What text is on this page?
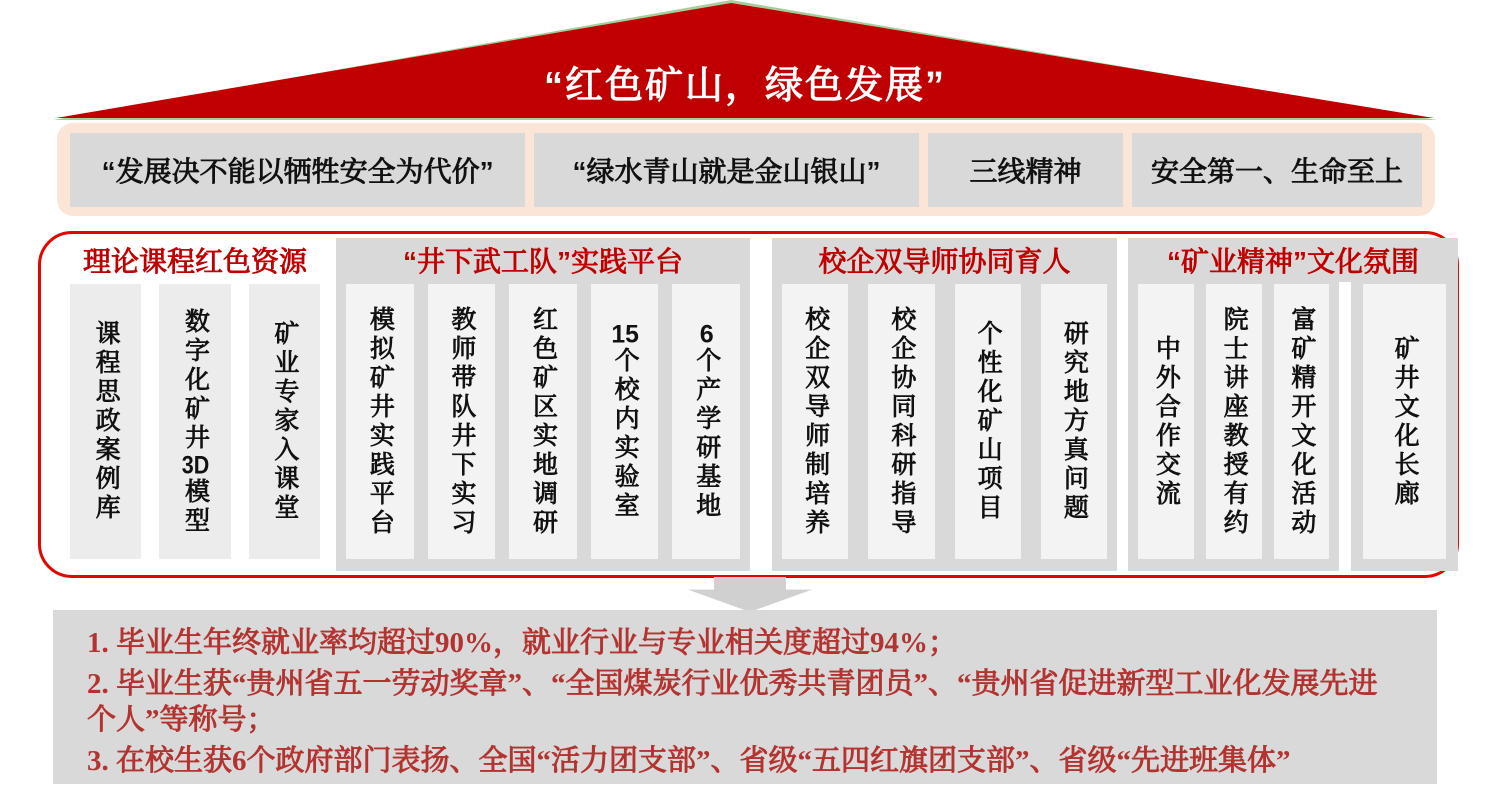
“红色矿山，绿色发展”
“发展决不能以牺牲安全为代价”	“绿水青山就是金山银山”	三线精神	安全第一、生命至上
理论课程红色资源
课程思政案例库 数字化矿井3D模型 矿业专家入课堂
“井下武工队”实践平台
模拟矿井实践平台 教师带队井下实习 红色矿区实地调研 15个校内实验室
6个产学研基地
校企双导师协同育人
校企双导师制培养 校企协同科研指导 个性化矿山项目 研究地方真问题
“矿业精神”文化氛围
中外合作交流 院士讲座教授有约 富矿精开文化活动	矿井文化长廊
1. 毕业生年终就业率均超过90%，就业行业与专业相关度超过94%；
2. 毕业生获“贵州省五一劳动奖章”、“全国煤炭行业优秀共青团员”、“贵州省促进新型工业化发展先进个人”等称号；
3. 在校生获6个政府部门表扬、全国“活力团支部”、省级“五四红旗团支部”、省级“先进班集体”
